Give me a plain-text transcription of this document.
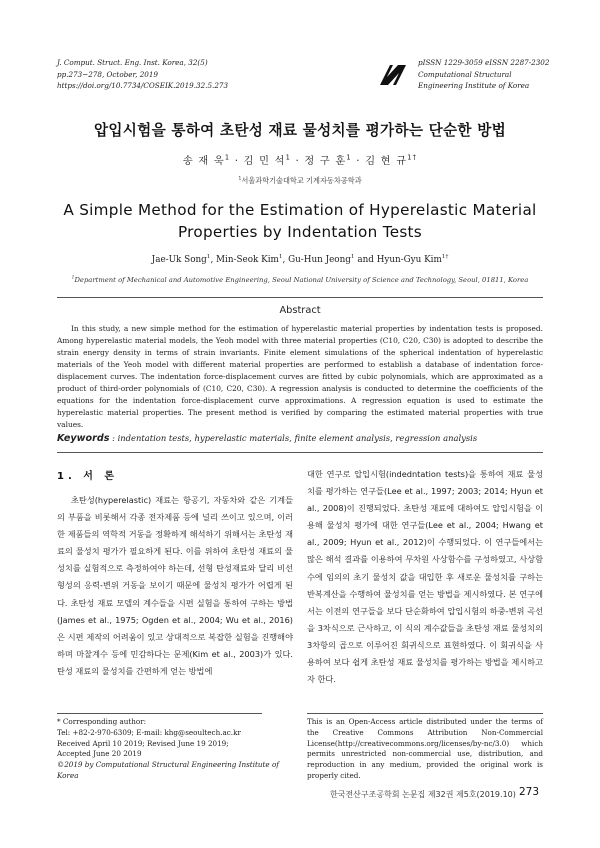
J. Comput. Struct. Eng. Inst. Korea, 32(5)
pp.273~278, October, 2019
https://doi.org/10.7734/COSEIK.2019.32.5.273
pISSN 1229-3059 eISSN 2287-2302
Computational Structural
Engineering Institute of Korea
압입시험을 통하여 초탄성 재료 물성치를 평가하는 단순한 방법
송 재 욱$^1$ · 김 민 석$^1$ · 정 구 훈$^1$ · 김 현 규$^{1\dagger}$
$^1$서울과학기술대학교 기계자동차공학과
A Simple Method for the Estimation of Hyperelastic Material Properties by Indentation Tests
Jae-Uk Song$^1$, Min-Seok Kim$^1$, Gu-Hun Jeong$^1$ and Hyun-Gyu Kim$^{1\dagger}$
$^1$Department of Mechanical and Automotive Engineering, Seoul National University of Science and Technology, Seoul, 01811, Korea
Abstract

In this study, a new simple method for the estimation of hyperelastic material properties by indentation tests is proposed. Among hyperelastic material models, the Yeoh model with three material properties (C10, C20, C30) is adopted to describe the strain energy density in terms of strain invariants. Finite element simulations of the spherical indentation of hyperelastic materials of the Yeoh model with different material properties are performed to establish a database of indentation force-displacement curves. The indentation force-displacement curves are fitted by cubic polynomials, which are approximated as a product of third-order polynomials of (C10, C20, C30). A regression analysis is conducted to determine the coefficients of the equations for the indentation force-displacement curve approximations. A regression equation is used to estimate the hyperelastic material properties. The present method is verified by comparing the estimated material properties with true values.

Keywords : indentation tests, hyperelastic materials, finite element analysis, regression analysis
1. 서 론

초탄성(hyperelastic) 재료는 항공기, 자동차와 같은 기계들의 부품을 비롯해서 각종 전자제품 등에 널리 쓰이고 있으며, 이러한 제품들의 역학적 거동을 정확하게 해석하기 위해서는 초탄성 재료의 물성치 평가가 필요하게 된다. 이를 위하여 초탄성 재료의 물성치를 실험적으로 측정하여야 하는데, 선형 탄성재료와 달리 비선형성의 응력-변위 거동을 보이기 때문에 물성치 평가가 어렵게 된다. 초탄성 재료 모델의 계수들을 시편 실험을 통하여 구하는 방법(James et al., 1975; Ogden et al., 2004; Wu et al., 2016)은 시편 제작의 어려움이 있고 상대적으로 복잡한 실험을 진행해야 하며 마찰계수 등에 민감하다는 문제(Kim et al., 2003)가 있다. 탄성 재료의 물성치를 간편하게 얻는 방법에

대한 연구로 압입시험(indedntation tests)을 통하여 재료 물성치를 평가하는 연구들(Lee et al., 1997; 2003; 2014; Hyun et al., 2008)이 진행되었다. 초탄성 재료에 대하여도 압입시험을 이용해 물성치 평가에 대한 연구들(Lee et al., 2004; Hwang et al., 2009; Hyun et al., 2012)이 수행되었다. 이 연구들에서는 많은 해석 결과를 이용하여 무차원 사상함수를 구성하였고, 사상함수에 임의의 초기 물성치 값을 대입한 후 새로운 물성치를 구하는 반복계산을 수행하여 물성치를 얻는 방법을 제시하였다. 본 연구에서는 이전의 연구들을 보다 단순화하여 압입시험의 하중-변위 곡선을 3차식으로 근사하고, 이 식의 계수값들을 초탄성 재료 물성치의 3차항의 곱으로 이루어진 회귀식으로 표현하였다. 이 회귀식을 사용하여 보다 쉽게 초탄성 재료 물성치를 평가하는 방법을 제시하고자 한다.

* Corresponding author:
Tel: +82-2-970-6309; E-mail: khg@seoultech.ac.kr
Received April 10 2019; Revised June 19 2019;
Accepted June 20 2019
©2019 by Computational Structural Engineering Institute of Korea
This is an Open-Access article distributed under the terms of the Creative Commons Attribution Non-Commercial License(http://creativecommons.org/licenses/by-nc/3.0) which permits unrestricted non-commercial use, distribution, and reproduction in any medium, provided the original work is properly cited.
한국전산구조공학회 논문집 제32권 제5호(2019.10) 273
